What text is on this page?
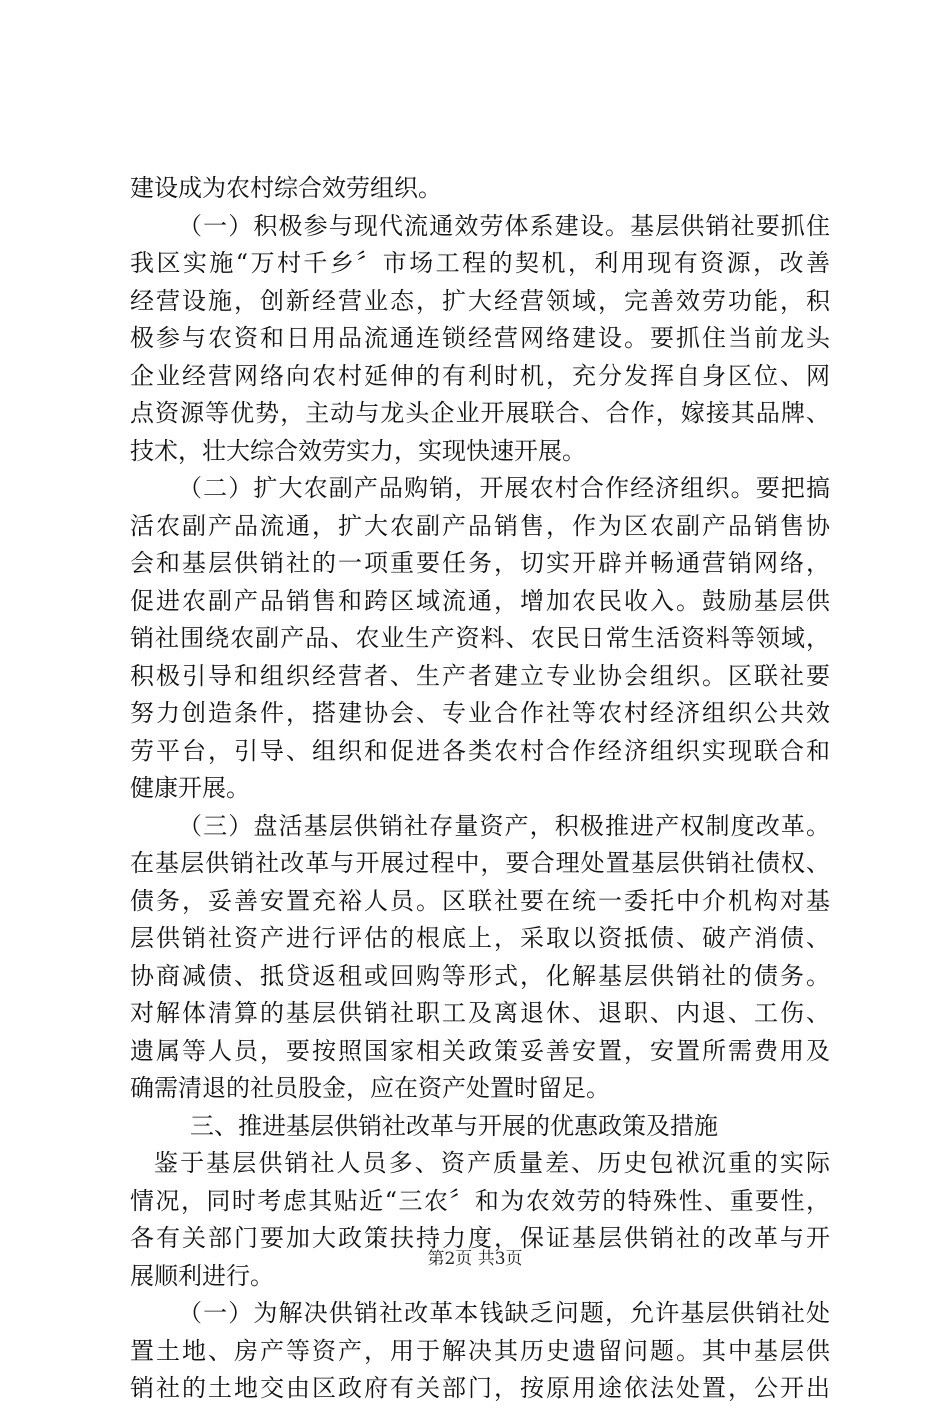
建设成为农村综合效劳组织。
（一）积极参与现代流通效劳体系建设。基层供销社要抓住
我区实施“万村千乡〞市场工程的契机，利用现有资源，改善
经营设施，创新经营业态，扩大经营领域，完善效劳功能，积
极参与农资和日用品流通连锁经营网络建设。要抓住当前龙头
企业经营网络向农村延伸的有利时机，充分发挥自身区位、网
点资源等优势，主动与龙头企业开展联合、合作，嫁接其品牌、
技术，壮大综合效劳实力，实现快速开展。
（二）扩大农副产品购销，开展农村合作经济组织。要把搞
活农副产品流通，扩大农副产品销售，作为区农副产品销售协
会和基层供销社的一项重要任务，切实开辟并畅通营销网络，
促进农副产品销售和跨区域流通，增加农民收入。鼓励基层供
销社围绕农副产品、农业生产资料、农民日常生活资料等领域，
积极引导和组织经营者、生产者建立专业协会组织。区联社要
努力创造条件，搭建协会、专业合作社等农村经济组织公共效
劳平台，引导、组织和促进各类农村合作经济组织实现联合和
健康开展。
（三）盘活基层供销社存量资产，积极推进产权制度改革。
在基层供销社改革与开展过程中，要合理处置基层供销社债权、
债务，妥善安置充裕人员。区联社要在统一委托中介机构对基
层供销社资产进行评估的根底上，采取以资抵债、破产消债、
协商减债、抵贷返租或回购等形式，化解基层供销社的债务。
对解体清算的基层供销社职工及离退休、退职、内退、工伤、
遗属等人员，要按照国家相关政策妥善安置，安置所需费用及
确需清退的社员股金，应在资产处置时留足。
三、推进基层供销社改革与开展的优惠政策及措施
鉴于基层供销社人员多、资产质量差、历史包袱沉重的实际
情况，同时考虑其贴近“三农〞和为农效劳的特殊性、重要性，
各有关部门要加大政策扶持力度，保证基层供销社的改革与开
展顺利进行。
（一）为解决供销社改革本钱缺乏问题，允许基层供销社处
置土地、房产等资产，用于解决其历史遗留问题。其中基层供
销社的土地交由区政府有关部门，按原用途依法处置，公开出
第2页 共3页
